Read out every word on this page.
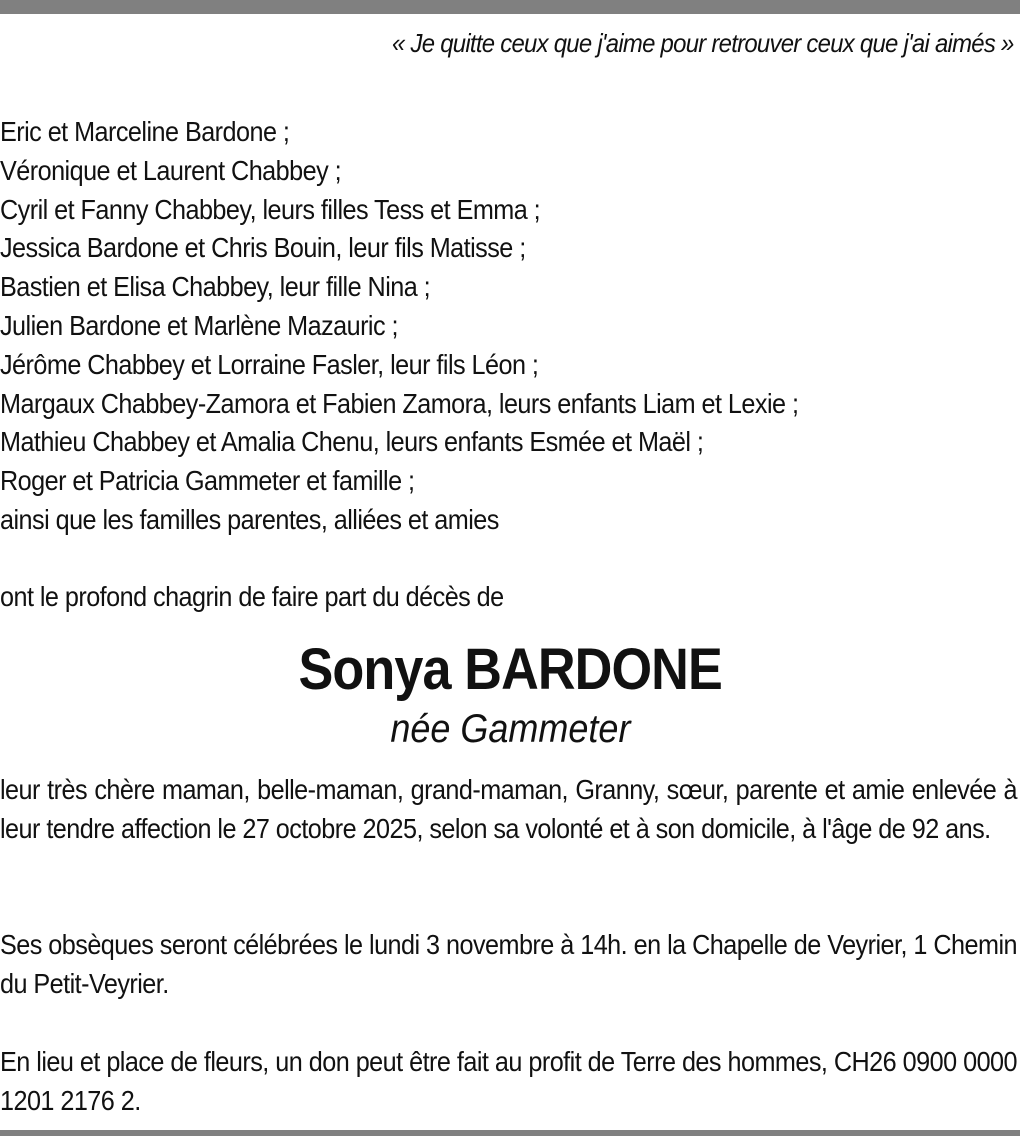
« Je quitte ceux que j'aime pour retrouver ceux que j'ai aimés »
Eric et Marceline Bardone ;
Véronique et Laurent Chabbey ;
Cyril et Fanny Chabbey, leurs filles Tess et Emma ;
Jessica Bardone et Chris Bouin, leur fils Matisse ;
Bastien et Elisa Chabbey, leur fille Nina ;
Julien Bardone et Marlène Mazauric ;
Jérôme Chabbey et Lorraine Fasler, leur fils Léon ;
Margaux Chabbey-Zamora et Fabien Zamora, leurs enfants Liam et Lexie ;
Mathieu Chabbey et Amalia Chenu, leurs enfants Esmée et Maël ;
Roger et Patricia Gammeter et famille ;
ainsi que les familles parentes, alliées et amies
ont le profond chagrin de faire part du décès de
Sonya BARDONE
née Gammeter
leur très chère maman, belle-maman, grand-maman, Granny, sœur, parente et amie enlevée à leur tendre affection le 27 octobre 2025, selon sa volonté et à son domicile, à l'âge de 92 ans.
Ses obsèques seront célébrées le lundi 3 novembre à 14h. en la Chapelle de Veyrier, 1 Chemin du Petit-Veyrier.
En lieu et place de fleurs, un don peut être fait au profit de Terre des hommes, CH26 0900 0000 1201 2176 2.
